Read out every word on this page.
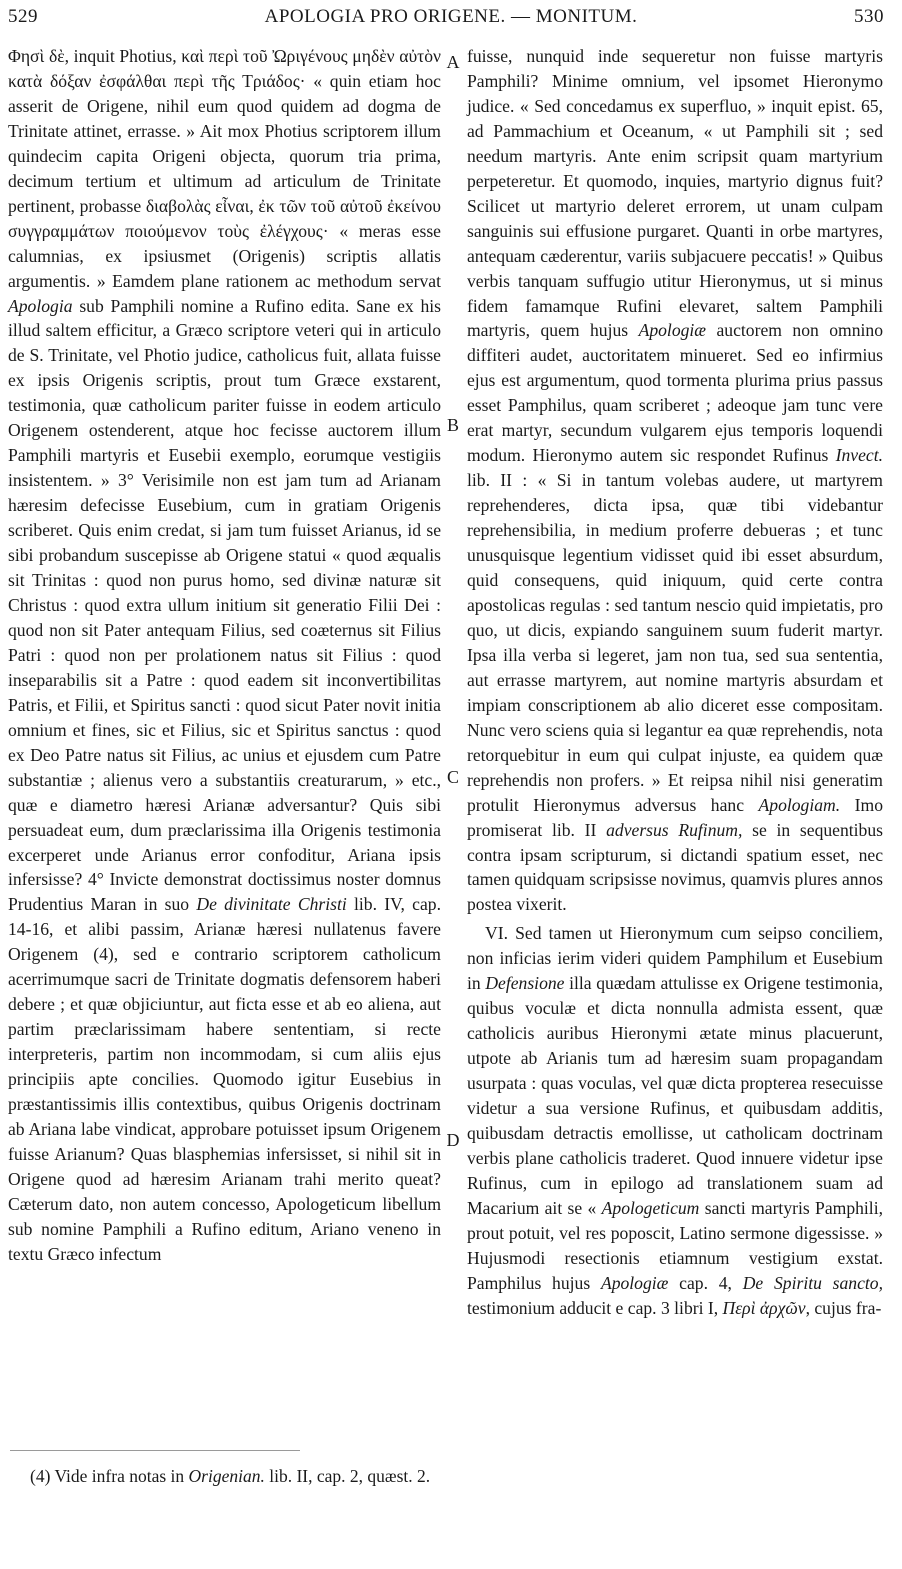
529	APOLOGIA PRO ORIGENE. — MONITUM.	530

Φησὶ δὲ, inquit Photius, καὶ περὶ τοῦ Ὠριγένους μηδὲν αὐτὸν κατὰ δόξαν ἐσφάλθαι περὶ τῆς Τριάδος· « quin etiam hoc asserit de Origene, nihil eum quod quidem ad dogma de Trinitate attinet, errasse. » Ait mox Photius scriptorem illum quindecim capita Origeni objecta, quorum tria prima, decimum tertium et ultimum ad articulum de Trinitate pertinent, probasse διαβολὰς εἶναι, ἐκ τῶν τοῦ αὐτοῦ ἐκείνου συγγραμμάτων ποιούμενον τοὺς ἐλέγχους· « meras esse calumnias, ex ipsiusmet (Origenis) scriptis allatis argumentis. » Eamdem plane rationem ac methodum servat Apologia sub Pamphili nomine a Rufino edita. Sane ex his illud saltem efficitur, a Græco scriptore veteri qui in articulo de S. Trinitate, vel Photio judice, catholicus fuit, allata fuisse ex ipsis Origenis scriptis, prout tum Græce exstarent, testimonia, quæ catholicum pariter fuisse in eodem articulo Origenem ostenderent, atque hoc fecisse auctorem illum Pamphili martyris et Eusebii exemplo, eorumque vestigiis insistentem. » 3° Verisimile non est jam tum ad Arianam hæresim defecisse Eusebium, cum in gratiam Origenis scriberet. Quis enim credat, si jam tum fuisset Arianus, id se sibi probandum suscepisse ab Origene statui « quod æqualis sit Trinitas : quod non purus homo, sed divinæ naturæ sit Christus : quod extra ullum initium sit generatio Filii Dei : quod non sit Pater antequam Filius, sed coæternus sit Filius Patri : quod non per prolationem natus sit Filius : quod inseparabilis sit a Patre : quod eadem sit inconvertibilitas Patris, et Filii, et Spiritus sancti : quod sicut Pater novit initia omnium et fines, sic et Filius, sic et Spiritus sanctus : quod ex Deo Patre natus sit Filius, ac unius et ejusdem cum Patre substantiæ ; alienus vero a substantiis creaturarum, » etc., quæ e diametro hæresi Arianæ adversantur? Quis sibi persuadeat eum, dum præclarissima illa Origenis testimonia excerperet unde Arianus error confoditur, Ariana ipsis infersisse? 4° Invicte demonstrat doctissimus noster domnus Prudentius Maran in suo De divinitate Christi lib. IV, cap. 14-16, et alibi passim, Arianæ hæresi nullatenus favere Origenem (4), sed e contrario scriptorem catholicum acerrimumque sacri de Trinitate dogmatis defensorem haberi debere ; et quæ objiciuntur, aut ficta esse et ab eo aliena, aut partim præclarissimam habere sententiam, si recte interpreteris, partim non incommodam, si cum aliis ejus principiis apte concilies. Quomodo igitur Eusebius in præstantissimis illis contextibus, quibus Origenis doctrinam ab Ariana labe vindicat, approbare potuisset ipsum Origenem fuisse Arianum? Quas blasphemias infersisset, si nihil sit in Origene quod ad hæresim Arianam trahi merito queat? Cæterum dato, non autem concesso, Apologeticum libellum sub nomine Pamphili a Rufino editum, Ariano veneno in textu Græco infectum

A
B
C
D

fuisse, nunquid inde sequeretur non fuisse martyris Pamphili? Minime omnium, vel ipsomet Hieronymo judice. « Sed concedamus ex superfluo, » inquit epist. 65, ad Pammachium et Oceanum, « ut Pamphili sit ; sed needum martyris. Ante enim scripsit quam martyrium perpeteretur. Et quomodo, inquies, martyrio dignus fuit? Scilicet ut martyrio deleret errorem, ut unam culpam sanguinis sui effusione purgaret. Quanti in orbe martyres, antequam cæderentur, variis subjacuere peccatis! » Quibus verbis tanquam suffugio utitur Hieronymus, ut si minus fidem famamque Rufini elevaret, saltem Pamphili martyris, quem hujus Apologiæ auctorem non omnino diffiteri audet, auctoritatem minueret. Sed eo infirmius ejus est argumentum, quod tormenta plurima prius passus esset Pamphilus, quam scriberet ; adeoque jam tunc vere erat martyr, secundum vulgarem ejus temporis loquendi modum. Hieronymo autem sic respondet Rufinus Invect. lib. II : « Si in tantum volebas audere, ut martyrem reprehenderes, dicta ipsa, quæ tibi videbantur reprehensibilia, in medium proferre debueras ; et tunc unusquisque legentium vidisset quid ibi esset absurdum, quid consequens, quid iniquum, quid certe contra apostolicas regulas : sed tantum nescio quid impietatis, pro quo, ut dicis, expiando sanguinem suum fuderit martyr. Ipsa illa verba si legeret, jam non tua, sed sua sententia, aut errasse martyrem, aut nomine martyris absurdam et impiam conscriptionem ab alio diceret esse compositam. Nunc vero sciens quia si legantur ea quæ reprehendis, nota retorquebitur in eum qui culpat injuste, ea quidem quæ reprehendis non profers. » Et reipsa nihil nisi generatim protulit Hieronymus adversus hanc Apologiam. Imo promiserat lib. II adversus Rufinum, se in sequentibus contra ipsam scripturum, si dictandi spatium esset, nec tamen quidquam scripsisse novimus, quamvis plures annos postea vixerit.

VI. Sed tamen ut Hieronymum cum seipso conciliem, non inficias ierim videri quidem Pamphilum et Eusebium in Defensione illa quædam attulisse ex Origene testimonia, quibus voculæ et dicta nonnulla admista essent, quæ catholicis auribus Hieronymi ætate minus placuerunt, utpote ab Arianis tum ad hæresim suam propagandam usurpata : quas voculas, vel quæ dicta propterea resecuisse videtur a sua versione Rufinus, et quibusdam additis, quibusdam detractis emollisse, ut catholicam doctrinam verbis plane catholicis traderet. Quod innuere videtur ipse Rufinus, cum in epilogo ad translationem suam ad Macarium ait se « Apologeticum sancti martyris Pamphili, prout potuit, vel res poposcit, Latino sermone digessisse. » Hujusmodi resectionis etiamnum vestigium exstat. Pamphilus hujus Apologiæ cap. 4, De Spiritu sancto, testimonium adducit e cap. 3 libri I, Περὶ ἀρχῶν, cujus fra-

(4) Vide infra notas in Origenian. lib. II, cap. 2, quæst. 2.
